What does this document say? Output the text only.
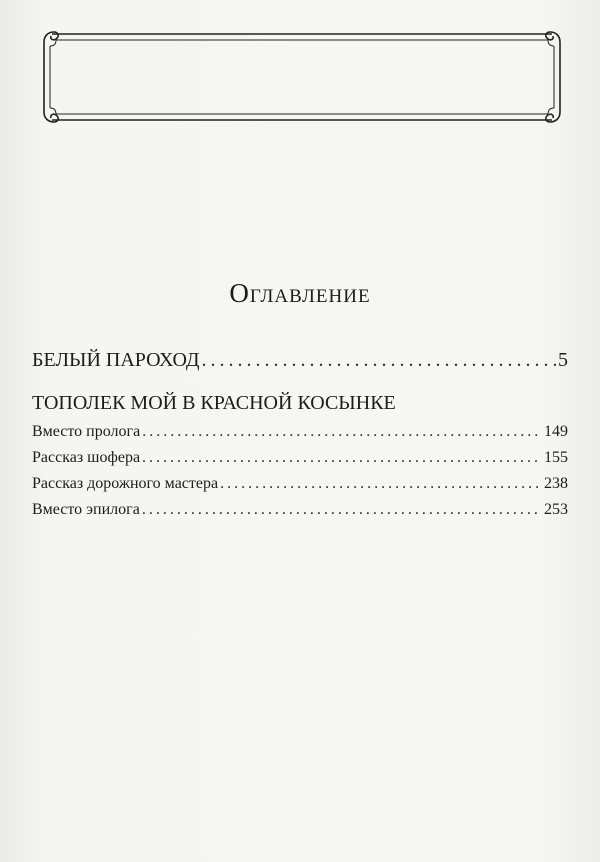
Оглавление
БЕЛЫЙ ПАРОХОД . . .	5
ТОПОЛЕК МОЙ В КРАСНОЙ КОСЫНКЕ
Вместо пролога . . .	149
Рассказ шофера . . .	155
Рассказ дорожного мастера . . .	238
Вместо эпилога . . .	253
